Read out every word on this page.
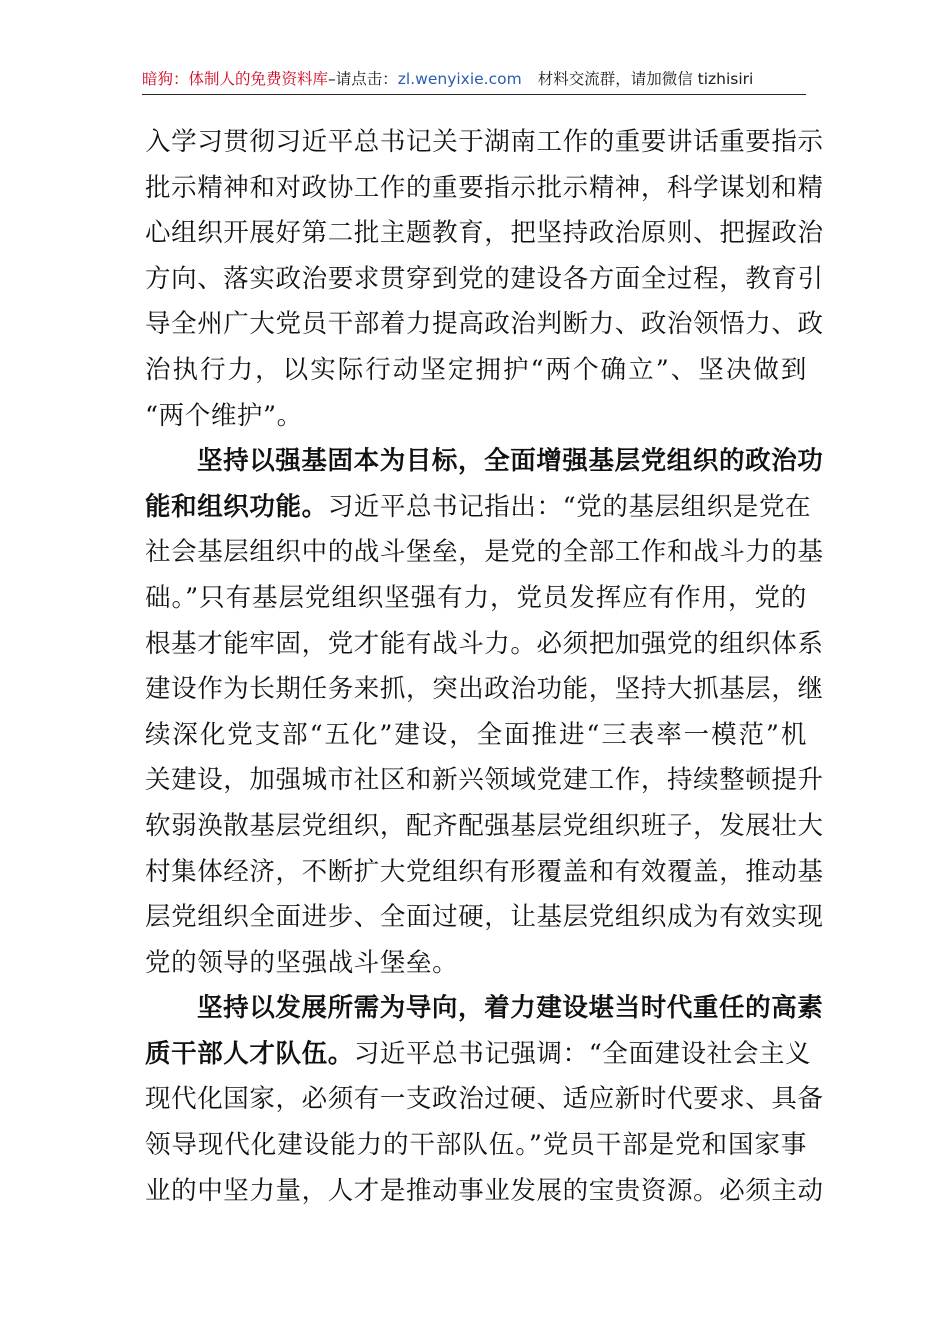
暗狗：体制人的免费资料库–请点击：zl.wenyixie.com 材料交流群，请加微信 tizhisiri
入学习贯彻习近平总书记关于湖南工作的重要讲话重要指示
批示精神和对政协工作的重要指示批示精神，科学谋划和精
心组织开展好第二批主题教育，把坚持政治原则、把握政治
方向、落实政治要求贯穿到党的建设各方面全过程，教育引
导全州广大党员干部着力提高政治判断力、政治领悟力、政
治执行力，以实际行动坚定拥护“两个确立”、坚决做到
“两个维护”。
坚持以强基固本为目标，全面增强基层党组织的政治功
能和组织功能。习近平总书记指出：“党的基层组织是党在
社会基层组织中的战斗堡垒，是党的全部工作和战斗力的基
础。”只有基层党组织坚强有力，党员发挥应有作用，党的
根基才能牢固，党才能有战斗力。必须把加强党的组织体系
建设作为长期任务来抓，突出政治功能，坚持大抓基层，继
续深化党支部“五化”建设，全面推进“三表率一模范”机
关建设，加强城市社区和新兴领域党建工作，持续整顿提升
软弱涣散基层党组织，配齐配强基层党组织班子，发展壮大
村集体经济，不断扩大党组织有形覆盖和有效覆盖，推动基
层党组织全面进步、全面过硬，让基层党组织成为有效实现
党的领导的坚强战斗堡垒。
坚持以发展所需为导向，着力建设堪当时代重任的高素
质干部人才队伍。习近平总书记强调：“全面建设社会主义
现代化国家，必须有一支政治过硬、适应新时代要求、具备
领导现代化建设能力的干部队伍。”党员干部是党和国家事
业的中坚力量，人才是推动事业发展的宝贵资源。必须主动
